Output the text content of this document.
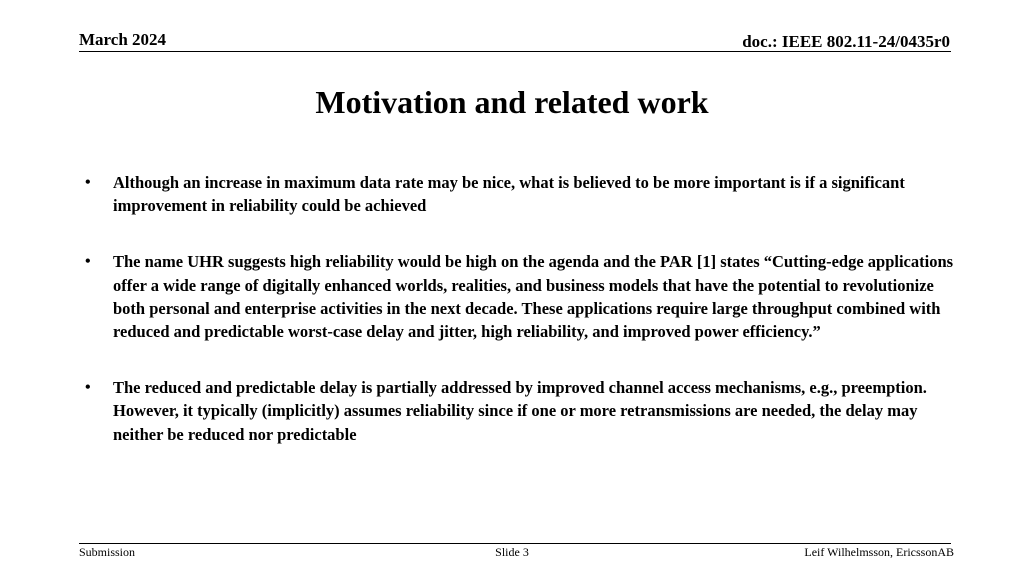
March 2024	doc.: IEEE 802.11-24/0435r0
Motivation and related work
• Although an increase in maximum data rate may be nice, what is believed to be more important is if a significant improvement in reliability could be achieved
• The name UHR suggests high reliability would be high on the agenda and the PAR [1] states “Cutting-edge applications offer a wide range of digitally enhanced worlds, realities, and business models that have the potential to revolutionize both personal and enterprise activities in the next decade. These applications require large throughput combined with reduced and predictable worst-case delay and jitter, high reliability, and improved power efficiency.”
• The reduced and predictable delay is partially addressed by improved channel access mechanisms, e.g., preemption. However, it typically (implicitly) assumes reliability since if one or more retransmissions are needed, the delay may neither be reduced nor predictable
Submission	Slide 3	Leif Wilhelmsson, EricssonAB
